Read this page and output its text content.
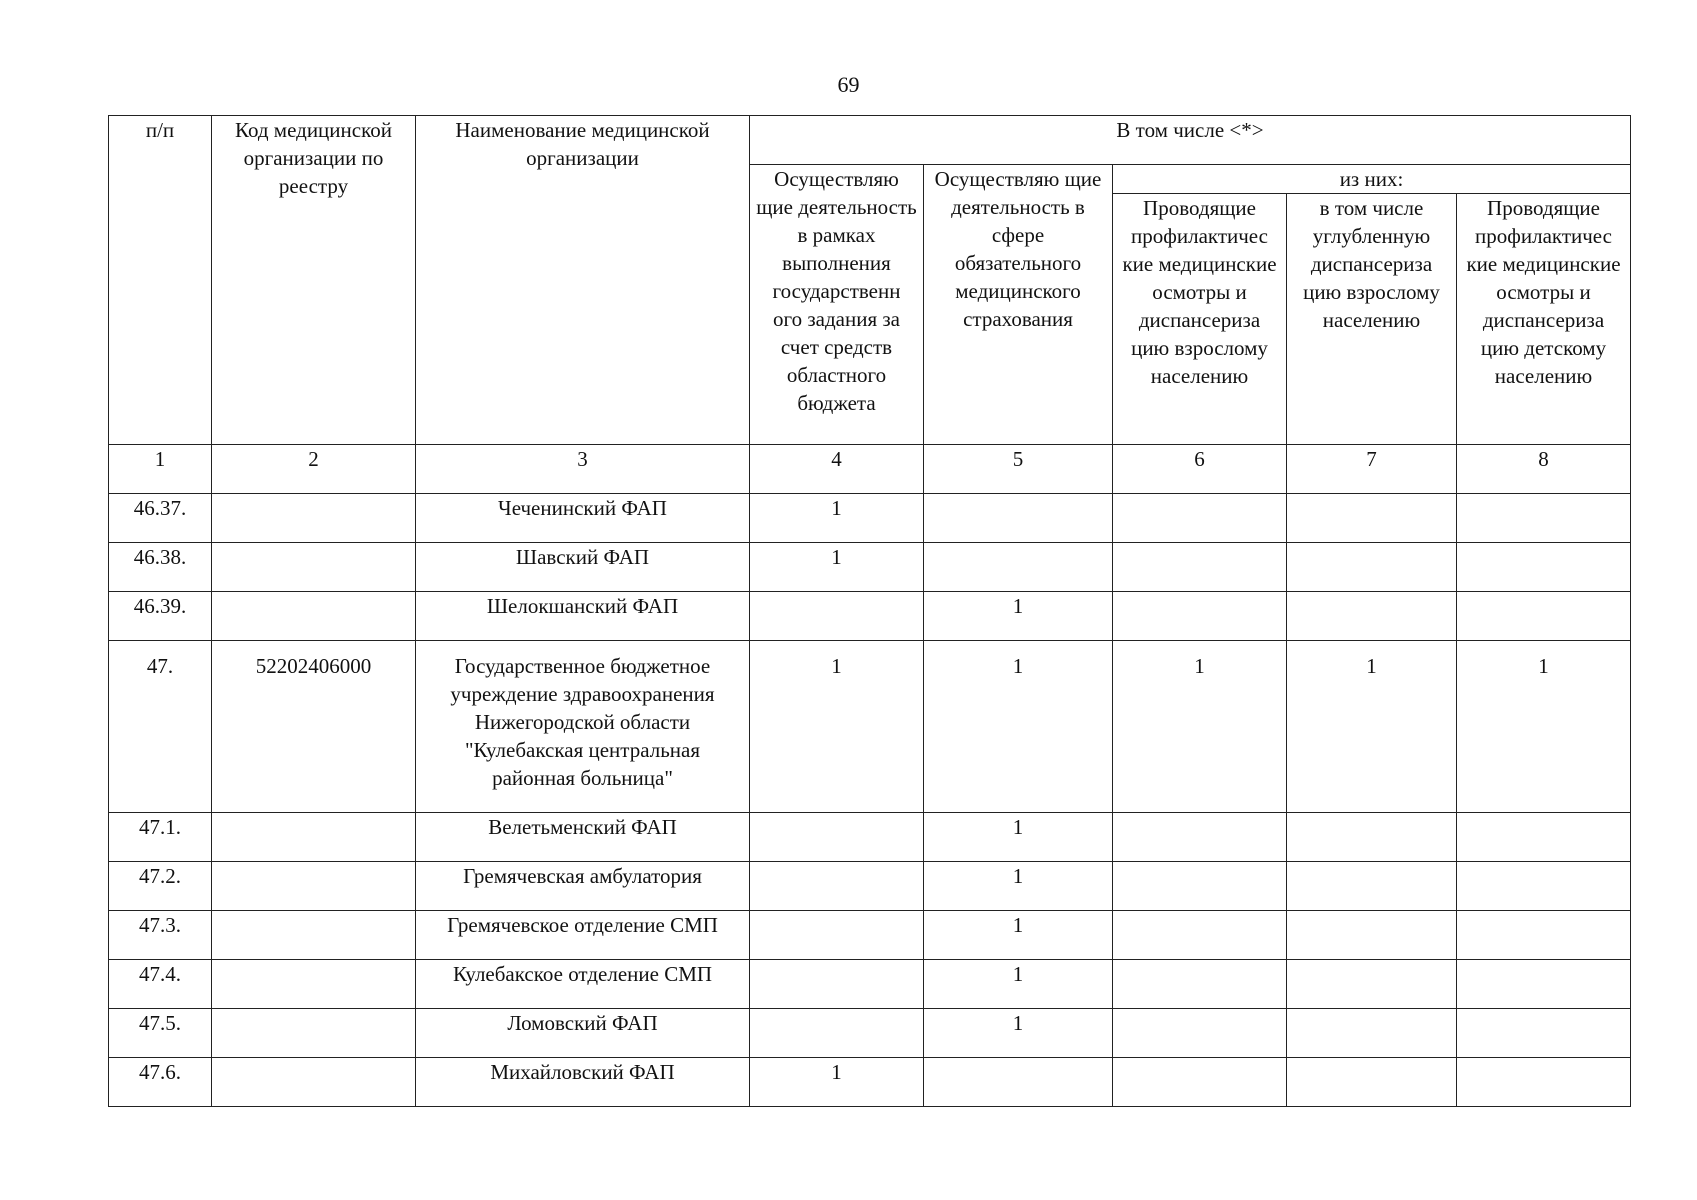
69
п/п	Код медицинской организации по реестру	Наименование медицинской организации	В том числе <*>				
			Осуществляю щие деятельность в рамках выполнения государственн ого задания за счет средств областного бюджета	Осуществляю щие деятельность в сфере обязательного медицинского страхования	из них:		
					Проводящие профилактичес кие медицинские осмотры и диспансериза цию взрослому населению	в том числе углубленную диспансериза цию взрослому населению	Проводящие профилактичес кие медицинские осмотры и диспансериза цию детскому населению
1	2	3	4	5	6	7	8
46.37.		Чеченинский ФАП	1				
46.38.		Шавский ФАП	1				
46.39.		Шелокшанский ФАП		1			
47.	52202406000	Государственное бюджетное учреждение здравоохранения Нижегородской области "Кулебакская центральная районная больница"	1	1	1	1	1
47.1.		Велетьменский ФАП		1			
47.2.		Гремячевская амбулатория		1			
47.3.		Гремячевское отделение СМП		1			
47.4.		Кулебакское отделение СМП		1			
47.5.		Ломовский ФАП		1			
47.6.		Михайловский ФАП	1				
